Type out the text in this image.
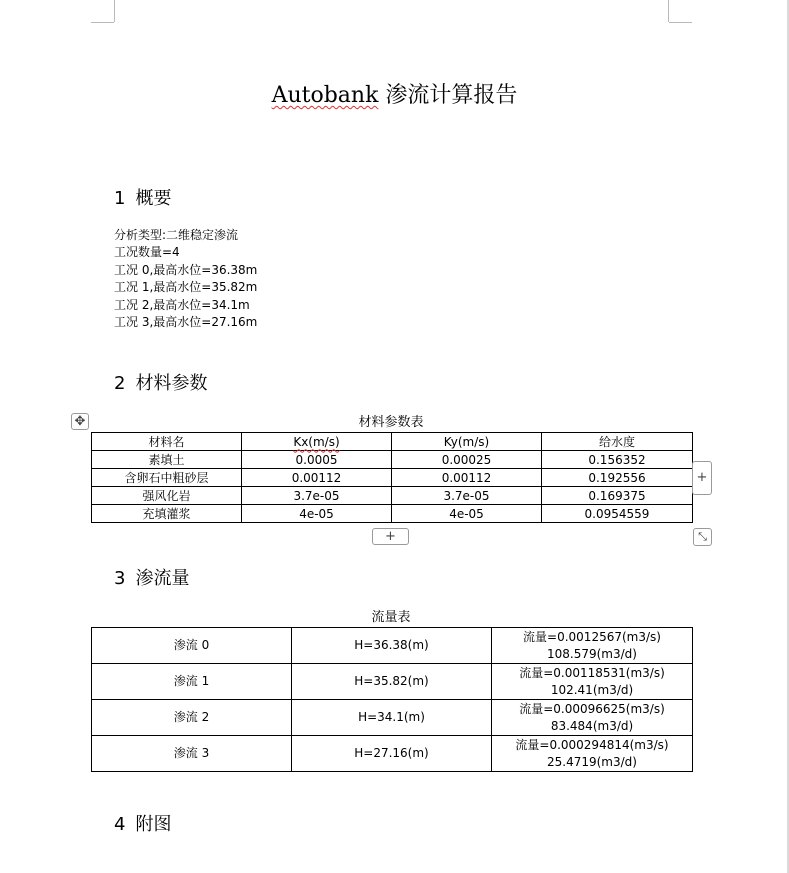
Autobank 渗流计算报告
1 概要
分析类型:二维稳定渗流
工况数量=4
工况 0,最高水位=36.38m
工况 1,最高水位=35.82m
工况 2,最高水位=34.1m
工况 3,最高水位=27.16m
2 材料参数
✥	材料参数表
材料名	Kx(m/s)	Ky(m/s)	给水度
素填土	0.0005	0.00025	0.156352
含卵石中粗砂层	0.00112	0.00112	0.192556
强风化岩	3.7e-05	3.7e-05	0.169375
充填灌浆	4e-05	4e-05	0.0954559
+
+	⤡
3 渗流量
流量表
渗流 0	H=36.38(m)	流量=0.0012567(m3/s)
108.579(m3/d)

渗流 1	H=35.82(m)	流量=0.00118531(m3/s)
102.41(m3/d)

渗流 2	H=34.1(m)	流量=0.00096625(m3/s)
83.484(m3/d)

渗流 3	H=27.16(m)	流量=0.000294814(m3/s)
25.4719(m3/d)
4 附图
